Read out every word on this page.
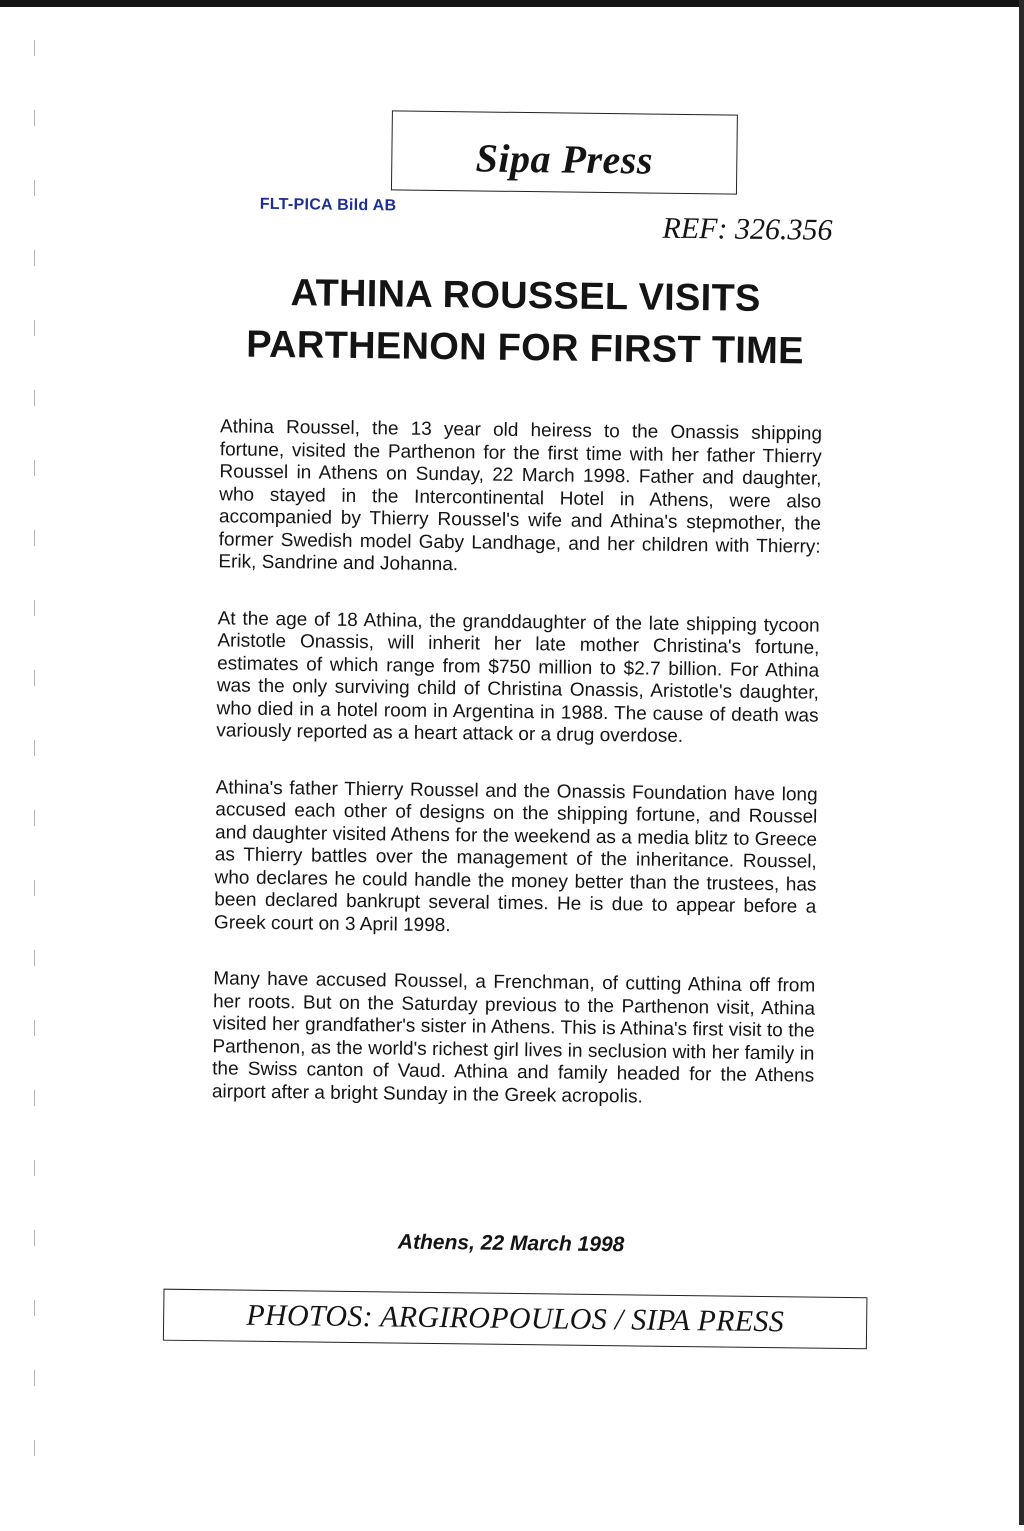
Sipa Press
FLT-PICA Bild AB
REF: 326.356
ATHINA ROUSSEL VISITS PARTHENON FOR FIRST TIME

Athina Roussel, the 13 year old heiress to the Onassis shipping fortune, visited the Parthenon for the first time with her father Thierry Roussel in Athens on Sunday, 22 March 1998. Father and daughter, who stayed in the Intercontinental Hotel in Athens, were also accompanied by Thierry Roussel's wife and Athina's stepmother, the former Swedish model Gaby Landhage, and her children with Thierry: Erik, Sandrine and Johanna.

At the age of 18 Athina, the granddaughter of the late shipping tycoon Aristotle Onassis, will inherit her late mother Christina's fortune, estimates of which range from $750 million to $2.7 billion. For Athina was the only surviving child of Christina Onassis, Aristotle's daughter, who died in a hotel room in Argentina in 1988. The cause of death was variously reported as a heart attack or a drug overdose.

Athina's father Thierry Roussel and the Onassis Foundation have long accused each other of designs on the shipping fortune, and Roussel and daughter visited Athens for the weekend as a media blitz to Greece as Thierry battles over the management of the inheritance. Roussel, who declares he could handle the money better than the trustees, has been declared bankrupt several times. He is due to appear before a Greek court on 3 April 1998.

Many have accused Roussel, a Frenchman, of cutting Athina off from her roots. But on the Saturday previous to the Parthenon visit, Athina visited her grandfather's sister in Athens. This is Athina's first visit to the Parthenon, as the world's richest girl lives in seclusion with her family in the Swiss canton of Vaud. Athina and family headed for the Athens airport after a bright Sunday in the Greek acropolis.

Athens, 22 March 1998
PHOTOS: ARGIROPOULOS / SIPA PRESS
